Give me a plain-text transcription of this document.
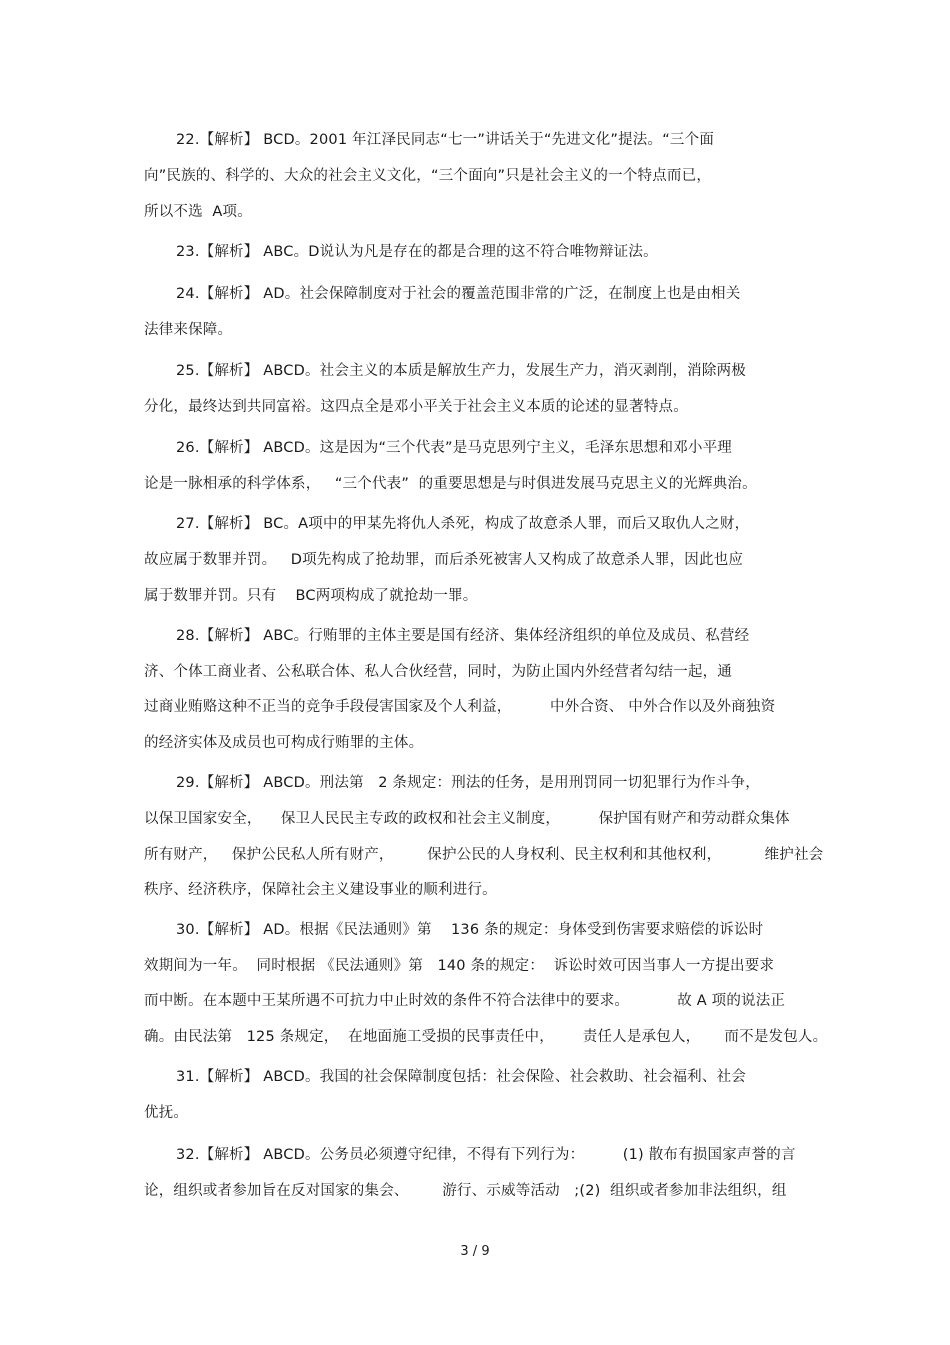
22.【解析】 BCD。2001 年江泽民同志“七一”讲话关于“先进文化”提法。“三个面
向”民族的、科学的、大众的社会主义文化，“三个面向”只是社会主义的一个特点而已，
所以不选  A项。
23.【解析】 ABC。D说认为凡是存在的都是合理的这不符合唯物辩证法。
24.【解析】 AD。社会保障制度对于社会的覆盖范围非常的广泛，在制度上也是由相关
法律来保障。
25.【解析】 ABCD。社会主义的本质是解放生产力，发展生产力，消灭剥削，消除两极
分化，最终达到共同富裕。这四点全是邓小平关于社会主义本质的论述的显著特点。
26.【解析】 ABCD。这是因为“三个代表”是马克思列宁主义，毛泽东思想和邓小平理
论是一脉相承的科学体系，   “三个代表”  的重要思想是与时俱进发展马克思主义的光辉典治。
27.【解析】 BC。A项中的甲某先将仇人杀死，构成了故意杀人罪，而后又取仇人之财，
故应属于数罪并罚。   D项先构成了抢劫罪，而后杀死被害人又构成了故意杀人罪，因此也应
属于数罪并罚。只有    BC两项构成了就抢劫一罪。
28.【解析】 ABC。行贿罪的主体主要是国有经济、集体经济组织的单位及成员、私营经
济、个体工商业者、公私联合体、私人合伙经营，同时，为防止国内外经营者勾结一起，通
过商业贿赂这种不正当的竞争手段侵害国家及个人利益，        中外合资、 中外合作以及外商独资
的经济实体及成员也可构成行贿罪的主体。
29.【解析】 ABCD。刑法第   2 条规定：刑法的任务，是用刑罚同一切犯罪行为作斗争，
以保卫国家安全，    保卫人民民主专政的政权和社会主义制度，        保护国有财产和劳动群众集体
所有财产，   保护公民私人所有财产，       保护公民的人身权利、民主权利和其他权利，         维护社会
秩序、经济秩序，保障社会主义建设事业的顺利进行。
30.【解析】 AD。根据《民法通则》第    136 条的规定：身体受到伤害要求赔偿的诉讼时
效期间为一年。  同时根据 《民法通则》第   140 条的规定：  诉讼时效可因当事人一方提出要求
而中断。在本题中王某所遇不可抗力中止时效的条件不符合法律中的要求。          故 A 项的说法正
确。由民法第   125 条规定，  在地面施工受损的民事责任中，      责任人是承包人，     而不是发包人。
31.【解析】 ABCD。我国的社会保障制度包括：社会保险、社会救助、社会福利、社会
优抚。
32.【解析】 ABCD。公务员必须遵守纪律，不得有下列行为：        (1) 散布有损国家声誉的言
论，组织或者参加旨在反对国家的集会、       游行、示威等活动   ;(2)  组织或者参加非法组织，组
3 / 9
